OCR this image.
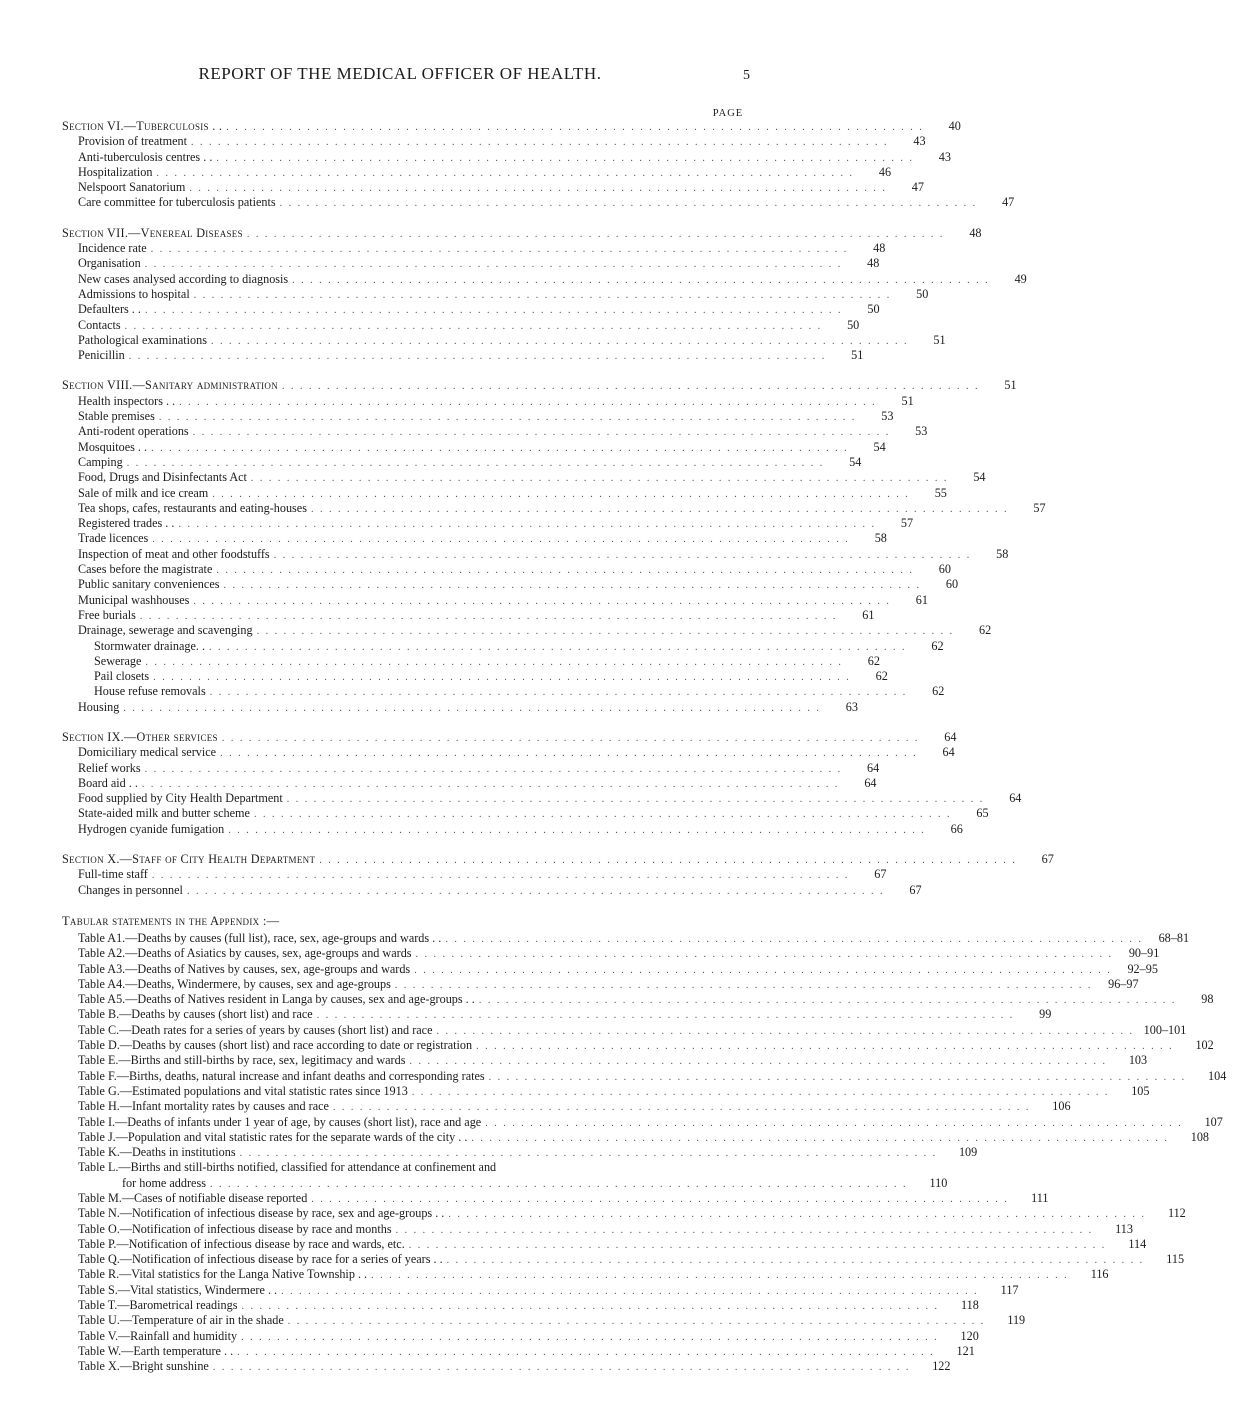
REPORT OF THE MEDICAL OFFICER OF HEALTH.	5
PAGE
Section VI.—Tuberculosis . . . . . . . . . . . . . . . . . . . . . . . . . . . . . . . . . . . . . . . . . . . . . . . . . . . . . . . . . . . . . . . . . . . . . . . . . . . . . . . .	40
Provision of treatment . . . . . . . . . . . . . . . . . . . . . . . . . . . . . . . . . . . . . . . . . . . . . . . . . . . . . . . . . . . . . . . . . . . . . . . . . . . . . .	43
Anti-tuberculosis centres . . . . . . . . . . . . . . . . . . . . . . . . . . . . . . . . . . . . . . . . . . . . . . . . . . . . . . . . . . . . . . . . . . . . . . . . . . . . . . . .	43
Hospitalization . . . . . . . . . . . . . . . . . . . . . . . . . . . . . . . . . . . . . . . . . . . . . . . . . . . . . . . . . . . . . . . . . . . . . . . . . . . . . .	46
Nelspoort Sanatorium . . . . . . . . . . . . . . . . . . . . . . . . . . . . . . . . . . . . . . . . . . . . . . . . . . . . . . . . . . . . . . . . . . . . . . . . . . . . . .	47
Care committee for tuberculosis patients . . . . . . . . . . . . . . . . . . . . . . . . . . . . . . . . . . . . . . . . . . . . . . . . . . . . . . . . . . . . . . . . . . . . . . . . . . . . . .	47
Section VII.—Venereal Diseases . . . . . . . . . . . . . . . . . . . . . . . . . . . . . . . . . . . . . . . . . . . . . . . . . . . . . . . . . . . . . . . . . . . . . . . . . . . . . .	48
Incidence rate . . . . . . . . . . . . . . . . . . . . . . . . . . . . . . . . . . . . . . . . . . . . . . . . . . . . . . . . . . . . . . . . . . . . . . . . . . . . . .	48
Organisation . . . . . . . . . . . . . . . . . . . . . . . . . . . . . . . . . . . . . . . . . . . . . . . . . . . . . . . . . . . . . . . . . . . . . . . . . . . . . .	48
New cases analysed according to diagnosis . . . . . . . . . . . . . . . . . . . . . . . . . . . . . . . . . . . . . . . . . . . . . . . . . . . . . . . . . . . . . . . . . . . . . . . . . . . . . .	49
Admissions to hospital . . . . . . . . . . . . . . . . . . . . . . . . . . . . . . . . . . . . . . . . . . . . . . . . . . . . . . . . . . . . . . . . . . . . . . . . . . . . . .	50
Defaulters . . . . . . . . . . . . . . . . . . . . . . . . . . . . . . . . . . . . . . . . . . . . . . . . . . . . . . . . . . . . . . . . . . . . . . . . . . . . . . . .	50
Contacts . . . . . . . . . . . . . . . . . . . . . . . . . . . . . . . . . . . . . . . . . . . . . . . . . . . . . . . . . . . . . . . . . . . . . . . . . . . . . .	50
Pathological examinations . . . . . . . . . . . . . . . . . . . . . . . . . . . . . . . . . . . . . . . . . . . . . . . . . . . . . . . . . . . . . . . . . . . . . . . . . . . . . .	51
Penicillin . . . . . . . . . . . . . . . . . . . . . . . . . . . . . . . . . . . . . . . . . . . . . . . . . . . . . . . . . . . . . . . . . . . . . . . . . . . . . .	51
Section VIII.—Sanitary administration . . . . . . . . . . . . . . . . . . . . . . . . . . . . . . . . . . . . . . . . . . . . . . . . . . . . . . . . . . . . . . . . . . . . . . . . . . . . . .	51
Health inspectors . . . . . . . . . . . . . . . . . . . . . . . . . . . . . . . . . . . . . . . . . . . . . . . . . . . . . . . . . . . . . . . . . . . . . . . . . . . . . . . .	51
Stable premises . . . . . . . . . . . . . . . . . . . . . . . . . . . . . . . . . . . . . . . . . . . . . . . . . . . . . . . . . . . . . . . . . . . . . . . . . . . . . .	53
Anti-rodent operations . . . . . . . . . . . . . . . . . . . . . . . . . . . . . . . . . . . . . . . . . . . . . . . . . . . . . . . . . . . . . . . . . . . . . . . . . . . . . .	53
Mosquitoes . . . . . . . . . . . . . . . . . . . . . . . . . . . . . . . . . . . . . . . . . . . . . . . . . . . . . . . . . . . . . . . . . . . . . . . . . . . . . . . .	54
Camping . . . . . . . . . . . . . . . . . . . . . . . . . . . . . . . . . . . . . . . . . . . . . . . . . . . . . . . . . . . . . . . . . . . . . . . . . . . . . .	54
Food, Drugs and Disinfectants Act . . . . . . . . . . . . . . . . . . . . . . . . . . . . . . . . . . . . . . . . . . . . . . . . . . . . . . . . . . . . . . . . . . . . . . . . . . . . . .	54
Sale of milk and ice cream . . . . . . . . . . . . . . . . . . . . . . . . . . . . . . . . . . . . . . . . . . . . . . . . . . . . . . . . . . . . . . . . . . . . . . . . . . . . . .	55
Tea shops, cafes, restaurants and eating-houses . . . . . . . . . . . . . . . . . . . . . . . . . . . . . . . . . . . . . . . . . . . . . . . . . . . . . . . . . . . . . . . . . . . . . . . . . . . . . .	57
Registered trades . . . . . . . . . . . . . . . . . . . . . . . . . . . . . . . . . . . . . . . . . . . . . . . . . . . . . . . . . . . . . . . . . . . . . . . . . . . . . . . .	57
Trade licences . . . . . . . . . . . . . . . . . . . . . . . . . . . . . . . . . . . . . . . . . . . . . . . . . . . . . . . . . . . . . . . . . . . . . . . . . . . . . .	58
Inspection of meat and other foodstuffs . . . . . . . . . . . . . . . . . . . . . . . . . . . . . . . . . . . . . . . . . . . . . . . . . . . . . . . . . . . . . . . . . . . . . . . . . . . . . .	58
Cases before the magistrate . . . . . . . . . . . . . . . . . . . . . . . . . . . . . . . . . . . . . . . . . . . . . . . . . . . . . . . . . . . . . . . . . . . . . . . . . . . . . .	60
Public sanitary conveniences . . . . . . . . . . . . . . . . . . . . . . . . . . . . . . . . . . . . . . . . . . . . . . . . . . . . . . . . . . . . . . . . . . . . . . . . . . . . . .	60
Municipal washhouses . . . . . . . . . . . . . . . . . . . . . . . . . . . . . . . . . . . . . . . . . . . . . . . . . . . . . . . . . . . . . . . . . . . . . . . . . . . . . .	61
Free burials . . . . . . . . . . . . . . . . . . . . . . . . . . . . . . . . . . . . . . . . . . . . . . . . . . . . . . . . . . . . . . . . . . . . . . . . . . . . . .	61
Drainage, sewerage and scavenging . . . . . . . . . . . . . . . . . . . . . . . . . . . . . . . . . . . . . . . . . . . . . . . . . . . . . . . . . . . . . . . . . . . . . . . . . . . . . .	62
Stormwater drainage. . . . . . . . . . . . . . . . . . . . . . . . . . . . . . . . . . . . . . . . . . . . . . . . . . . . . . . . . . . . . . . . . . . . . . . . . . . . . . . .	62
Sewerage . . . . . . . . . . . . . . . . . . . . . . . . . . . . . . . . . . . . . . . . . . . . . . . . . . . . . . . . . . . . . . . . . . . . . . . . . . . . . .	62
Pail closets . . . . . . . . . . . . . . . . . . . . . . . . . . . . . . . . . . . . . . . . . . . . . . . . . . . . . . . . . . . . . . . . . . . . . . . . . . . . . .	62
House refuse removals . . . . . . . . . . . . . . . . . . . . . . . . . . . . . . . . . . . . . . . . . . . . . . . . . . . . . . . . . . . . . . . . . . . . . . . . . . . . . .	62
Housing . . . . . . . . . . . . . . . . . . . . . . . . . . . . . . . . . . . . . . . . . . . . . . . . . . . . . . . . . . . . . . . . . . . . . . . . . . . . . .	63
Section IX.—Other services . . . . . . . . . . . . . . . . . . . . . . . . . . . . . . . . . . . . . . . . . . . . . . . . . . . . . . . . . . . . . . . . . . . . . . . . . . . . . .	64
Domiciliary medical service . . . . . . . . . . . . . . . . . . . . . . . . . . . . . . . . . . . . . . . . . . . . . . . . . . . . . . . . . . . . . . . . . . . . . . . . . . . . . .	64
Relief works . . . . . . . . . . . . . . . . . . . . . . . . . . . . . . . . . . . . . . . . . . . . . . . . . . . . . . . . . . . . . . . . . . . . . . . . . . . . . .	64
Board aid . . . . . . . . . . . . . . . . . . . . . . . . . . . . . . . . . . . . . . . . . . . . . . . . . . . . . . . . . . . . . . . . . . . . . . . . . . . . . . . .	64
Food supplied by City Health Department . . . . . . . . . . . . . . . . . . . . . . . . . . . . . . . . . . . . . . . . . . . . . . . . . . . . . . . . . . . . . . . . . . . . . . . . . . . . . .	64
State-aided milk and butter scheme . . . . . . . . . . . . . . . . . . . . . . . . . . . . . . . . . . . . . . . . . . . . . . . . . . . . . . . . . . . . . . . . . . . . . . . . . . . . . .	65
Hydrogen cyanide fumigation . . . . . . . . . . . . . . . . . . . . . . . . . . . . . . . . . . . . . . . . . . . . . . . . . . . . . . . . . . . . . . . . . . . . . . . . . . . . . .	66
Section X.—Staff of City Health Department . . . . . . . . . . . . . . . . . . . . . . . . . . . . . . . . . . . . . . . . . . . . . . . . . . . . . . . . . . . . . . . . . . . . . . . . . . . . . .	67
Full-time staff . . . . . . . . . . . . . . . . . . . . . . . . . . . . . . . . . . . . . . . . . . . . . . . . . . . . . . . . . . . . . . . . . . . . . . . . . . . . . .	67
Changes in personnel . . . . . . . . . . . . . . . . . . . . . . . . . . . . . . . . . . . . . . . . . . . . . . . . . . . . . . . . . . . . . . . . . . . . . . . . . . . . . .	67
Tabular statements in the Appendix :—
Table A1.—Deaths by causes (full list), race, sex, age-groups and wards . . . . . . . . . . . . . . . . . . . . . . . . . . . . . . . . . . . . . . . . . . . . . . . . . . . . . . . . . . . . . . . . . . . . . . . . . . . . . . . .	68–81
Table A2.—Deaths of Asiatics by causes, sex, age-groups and wards . . . . . . . . . . . . . . . . . . . . . . . . . . . . . . . . . . . . . . . . . . . . . . . . . . . . . . . . . . . . . . . . . . . . . . . . . . . . . .	90–91
Table A3.—Deaths of Natives by causes, sex, age-groups and wards . . . . . . . . . . . . . . . . . . . . . . . . . . . . . . . . . . . . . . . . . . . . . . . . . . . . . . . . . . . . . . . . . . . . . . . . . . . . . .	92–95
Table A4.—Deaths, Windermere, by causes, sex and age-groups . . . . . . . . . . . . . . . . . . . . . . . . . . . . . . . . . . . . . . . . . . . . . . . . . . . . . . . . . . . . . . . . . . . . . . . . . . . . . .	96–97
Table A5.—Deaths of Natives resident in Langa by causes, sex and age-groups . . . . . . . . . . . . . . . . . . . . . . . . . . . . . . . . . . . . . . . . . . . . . . . . . . . . . . . . . . . . . . . . . . . . . . . . . . . . . . . .	98
Table B.—Deaths by causes (short list) and race . . . . . . . . . . . . . . . . . . . . . . . . . . . . . . . . . . . . . . . . . . . . . . . . . . . . . . . . . . . . . . . . . . . . . . . . . . . . . .	99
Table C.—Death rates for a series of years by causes (short list) and race . . . . . . . . . . . . . . . . . . . . . . . . . . . . . . . . . . . . . . . . . . . . . . . . . . . . . . . . . . . . . . . . . . . . . . . . . . . . . . 100–101
Table D.—Deaths by causes (short list) and race according to date or registration . . . . . . . . . . . . . . . . . . . . . . . . . . . . . . . . . . . . . . . . . . . . . . . . . . . . . . . . . . . . . . . . . . . . . . . . . . . . . .	102
Table E.—Births and still-births by race, sex, legitimacy and wards . . . . . . . . . . . . . . . . . . . . . . . . . . . . . . . . . . . . . . . . . . . . . . . . . . . . . . . . . . . . . . . . . . . . . . . . . . . . . .	103
Table F.—Births, deaths, natural increase and infant deaths and corresponding rates . . . . . . . . . . . . . . . . . . . . . . . . . . . . . . . . . . . . . . . . . . . . . . . . . . . . . . . . . . . . . . . . . . . . . . . . . . . . . .	104
Table G.—Estimated populations and vital statistic rates since 1913 . . . . . . . . . . . . . . . . . . . . . . . . . . . . . . . . . . . . . . . . . . . . . . . . . . . . . . . . . . . . . . . . . . . . . . . . . . . . . .	105
Table H.—Infant mortality rates by causes and race . . . . . . . . . . . . . . . . . . . . . . . . . . . . . . . . . . . . . . . . . . . . . . . . . . . . . . . . . . . . . . . . . . . . . . . . . . . . . .	106
Table I.—Deaths of infants under 1 year of age, by causes (short list), race and age . . . . . . . . . . . . . . . . . . . . . . . . . . . . . . . . . . . . . . . . . . . . . . . . . . . . . . . . . . . . . . . . . . . . . . . . . . . . . .	107
Table J.—Population and vital statistic rates for the separate wards of the city . . . . . . . . . . . . . . . . . . . . . . . . . . . . . . . . . . . . . . . . . . . . . . . . . . . . . . . . . . . . . . . . . . . . . . . . . . . . . . . .	108
Table K.—Deaths in institutions . . . . . . . . . . . . . . . . . . . . . . . . . . . . . . . . . . . . . . . . . . . . . . . . . . . . . . . . . . . . . . . . . . . . . . . . . . . . . .	109
Table L.—Births and still-births notified, classified for attendance at confinement and
for home address . . . . . . . . . . . . . . . . . . . . . . . . . . . . . . . . . . . . . . . . . . . . . . . . . . . . . . . . . . . . . . . . . . . . . . . . . . . . . .	110
Table M.—Cases of notifiable disease reported . . . . . . . . . . . . . . . . . . . . . . . . . . . . . . . . . . . . . . . . . . . . . . . . . . . . . . . . . . . . . . . . . . . . . . . . . . . . . .	111
Table N.—Notification of infectious disease by race, sex and age-groups . . . . . . . . . . . . . . . . . . . . . . . . . . . . . . . . . . . . . . . . . . . . . . . . . . . . . . . . . . . . . . . . . . . . . . . . . . . . . . . .	112
Table O.—Notification of infectious disease by race and months . . . . . . . . . . . . . . . . . . . . . . . . . . . . . . . . . . . . . . . . . . . . . . . . . . . . . . . . . . . . . . . . . . . . . . . . . . . . . .	113
Table P.—Notification of infectious disease by race and wards, etc. . . . . . . . . . . . . . . . . . . . . . . . . . . . . . . . . . . . . . . . . . . . . . . . . . . . . . . . . . . . . . . . . . . . . . . . . . . . . . .	114
Table Q.—Notification of infectious disease by race for a series of years . . . . . . . . . . . . . . . . . . . . . . . . . . . . . . . . . . . . . . . . . . . . . . . . . . . . . . . . . . . . . . . . . . . . . . . . . . . . . . . .	115
Table R.—Vital statistics for the Langa Native Township . . . . . . . . . . . . . . . . . . . . . . . . . . . . . . . . . . . . . . . . . . . . . . . . . . . . . . . . . . . . . . . . . . . . . . . . . . . . . . . .	116
Table S.—Vital statistics, Windermere . . . . . . . . . . . . . . . . . . . . . . . . . . . . . . . . . . . . . . . . . . . . . . . . . . . . . . . . . . . . . . . . . . . . . . . . . . . . . . . .	117
Table T.—Barometrical readings . . . . . . . . . . . . . . . . . . . . . . . . . . . . . . . . . . . . . . . . . . . . . . . . . . . . . . . . . . . . . . . . . . . . . . . . . . . . . .	118
Table U.—Temperature of air in the shade . . . . . . . . . . . . . . . . . . . . . . . . . . . . . . . . . . . . . . . . . . . . . . . . . . . . . . . . . . . . . . . . . . . . . . . . . . . . . .	119
Table V.—Rainfall and humidity . . . . . . . . . . . . . . . . . . . . . . . . . . . . . . . . . . . . . . . . . . . . . . . . . . . . . . . . . . . . . . . . . . . . . . . . . . . . . .	120
Table W.—Earth temperature . . . . . . . . . . . . . . . . . . . . . . . . . . . . . . . . . . . . . . . . . . . . . . . . . . . . . . . . . . . . . . . . . . . . . . . . . . . . . . . .	121
Table X.—Bright sunshine . . . . . . . . . . . . . . . . . . . . . . . . . . . . . . . . . . . . . . . . . . . . . . . . . . . . . . . . . . . . . . . . . . . . . . . . . . . . . .	122
